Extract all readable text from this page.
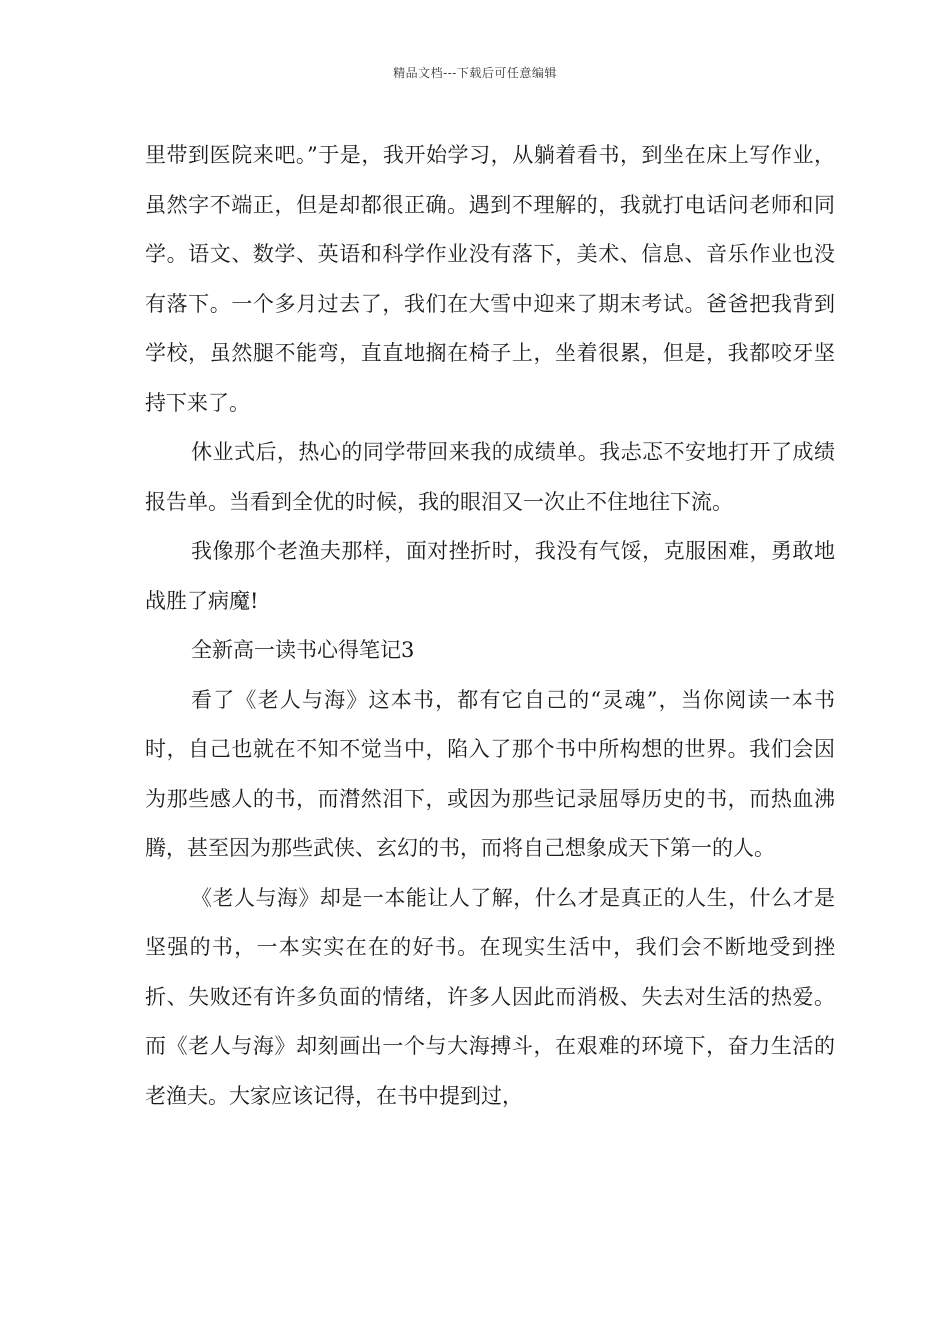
精品文档---下载后可任意编辑

里带到医院来吧。”于是，我开始学习，从躺着看书，到坐在床上写作业，虽然字不端正，但是却都很正确。遇到不理解的，我就打电话问老师和同学。语文、数学、英语和科学作业没有落下，美术、信息、音乐作业也没有落下。一个多月过去了，我们在大雪中迎来了期末考试。爸爸把我背到学校，虽然腿不能弯，直直地搁在椅子上，坐着很累，但是，我都咬牙坚持下来了。

休业式后，热心的同学带回来我的成绩单。我忐忑不安地打开了成绩报告单。当看到全优的时候，我的眼泪又一次止不住地往下流。

我像那个老渔夫那样，面对挫折时，我没有气馁，克服困难，勇敢地战胜了病魔!

全新高一读书心得笔记3

看了《老人与海》这本书，都有它自己的“灵魂”，当你阅读一本书时，自己也就在不知不觉当中，陷入了那个书中所构想的世界。我们会因为那些感人的书，而潸然泪下，或因为那些记录屈辱历史的书，而热血沸腾，甚至因为那些武侠、玄幻的书，而将自己想象成天下第一的人。

《老人与海》却是一本能让人了解，什么才是真正的人生，什么才是坚强的书，一本实实在在的好书。在现实生活中，我们会不断地受到挫折、失败还有许多负面的情绪，许多人因此而消极、失去对生活的热爱。而《老人与海》却刻画出一个与大海搏斗，在艰难的环境下，奋力生活的老渔夫。大家应该记得，在书中提到过，
